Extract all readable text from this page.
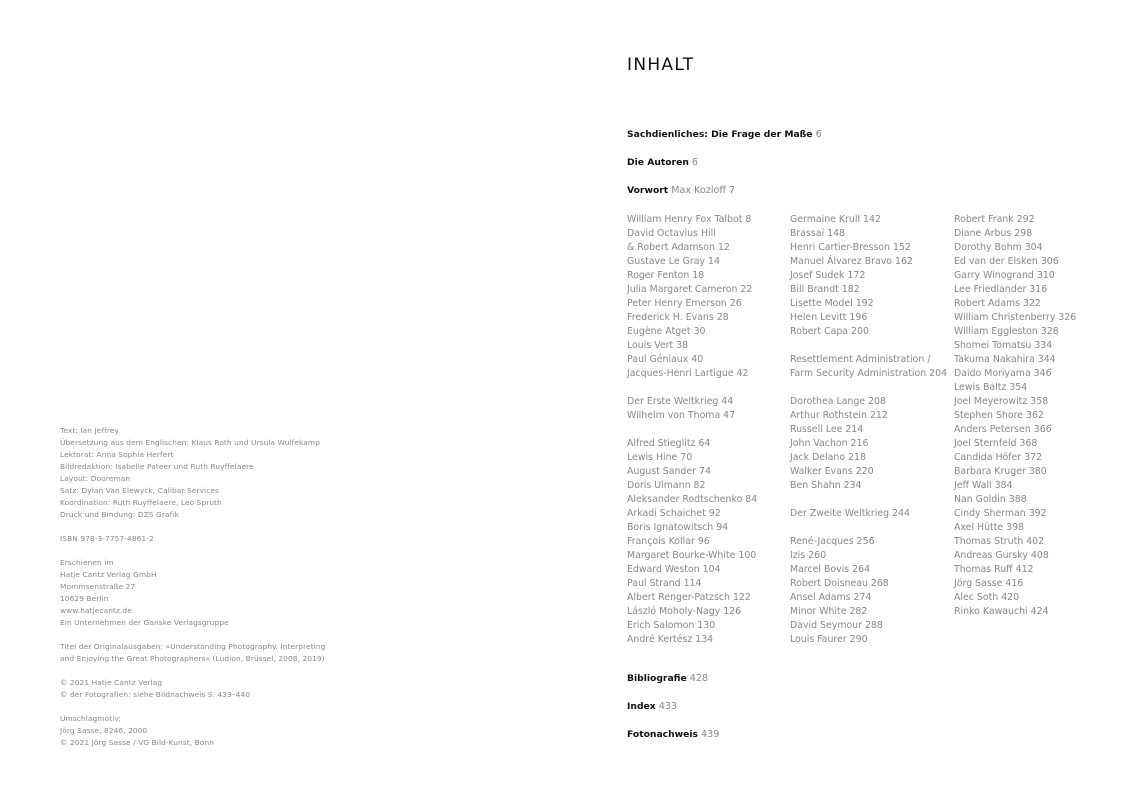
Text: Ian Jeffrey
Übersetzung aus dem Englischen: Klaus Roth und Ursula Wulfekamp
Lektorat: Anna Sophia Herfert
Bildredaktion: Isabelle Pateer und Ruth Ruyffelaere
Layout: Dooreman
Satz: Dylan Van Elewyck, Calibar Services
Koordination: Ruth Ruyffelaere, Leo Spruth
Druck und Bindung: DZS Grafik
ISBN 978-3-7757-4861-2
Erschienen im
Hatje Cantz Verlag GmbH
Mommsenstraße 27
10629 Berlin
www.hatjecantz.de
Ein Unternehmen der Ganske Verlagsgruppe
Titel der Originalausgaben: »Understanding Photography. Interpreting
and Enjoying the Great Photographers« (Ludion, Brüssel, 2008, 2019)
© 2021 Hatje Cantz Verlag
© der Fotografien: siehe Bildnachweis S. 439–440
Umschlagmotiv:
Jörg Sasse, 8246, 2000
© 2021 Jörg Sasse / VG Bild-Kunst, Bonn
INHALT
Sachdienliches: Die Frage der Maße 6
Die Autoren 6
Vorwort Max Kozloff 7
William Henry Fox Talbot 8
David Octavius Hill
& Robert Adamson 12
Gustave Le Gray 14
Roger Fenton 18
Julia Margaret Cameron 22
Peter Henry Emerson 26
Frederick H. Evans 28
Eugène Atget 30
Louis Vert 38
Paul Géniaux 40
Jacques-Henri Lartigue 42
Der Erste Weltkrieg 44
Wilhelm von Thoma 47
Alfred Stieglitz 64
Lewis Hine 70
August Sander 74
Doris Ulmann 82
Aleksander Rodtschenko 84
Arkadi Schaichet 92
Boris Ignatowitsch 94
François Kollar 96
Margaret Bourke-White 100
Edward Weston 104
Paul Strand 114
Albert Renger-Patzsch 122
László Moholy-Nagy 126
Erich Salomon 130
André Kertész 134
Germaine Krull 142
Brassaï 148
Henri Cartier-Bresson 152
Manuel Álvarez Bravo 162
Josef Sudek 172
Bill Brandt 182
Lisette Model 192
Helen Levitt 196
Robert Capa 200
Resettlement Administration /
Farm Security Administration 204
Dorothea Lange 208
Arthur Rothstein 212
Russell Lee 214
John Vachon 216
Jack Delano 218
Walker Evans 220
Ben Shahn 234
Der Zweite Weltkrieg 244
René-Jacques 256
Izis 260
Marcel Bovis 264
Robert Doisneau 268
Ansel Adams 274
Minor White 282
David Seymour 288
Louis Faurer 290
Robert Frank 292
Diane Arbus 298
Dorothy Bohm 304
Ed van der Elsken 306
Garry Winogrand 310
Lee Friedlander 316
Robert Adams 322
William Christenberry 326
William Eggleston 328
Shomei Tomatsu 334
Takuma Nakahira 344
Daido Moriyama 346
Lewis Baltz 354
Joel Meyerowitz 358
Stephen Shore 362
Anders Petersen 366
Joel Sternfeld 368
Candida Höfer 372
Barbara Kruger 380
Jeff Wall 384
Nan Goldin 388
Cindy Sherman 392
Axel Hütte 398
Thomas Struth 402
Andreas Gursky 408
Thomas Ruff 412
Jörg Sasse 416
Alec Soth 420
Rinko Kawauchi 424
Bibliografie 428
Index 433
Fotonachweis 439
